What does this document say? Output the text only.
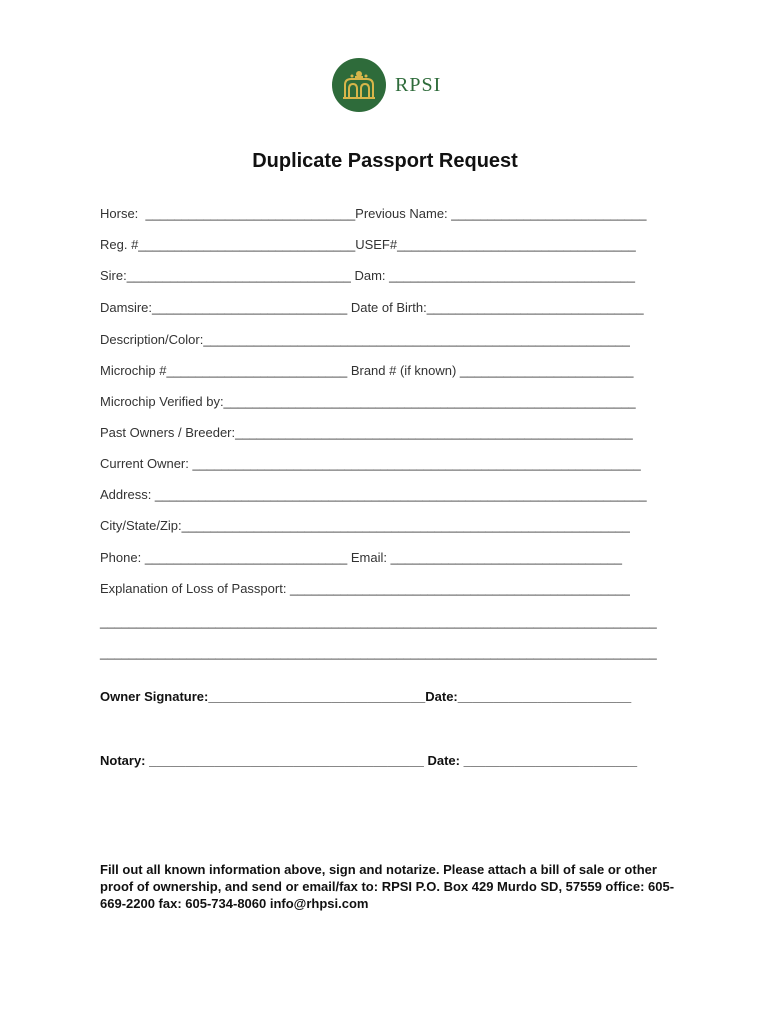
RPSI
Duplicate Passport Request
Horse:  _____________________________Previous Name: ___________________________
Reg. #______________________________USEF#_________________________________
Sire:_______________________________ Dam: __________________________________
Damsire:___________________________ Date of Birth:______________________________
Description/Color:___________________________________________________________
Microchip #_________________________ Brand # (if known) ________________________
Microchip Verified by:_________________________________________________________
Past Owners / Breeder:_______________________________________________________
Current Owner: ______________________________________________________________
Address: ____________________________________________________________________
City/State/Zip:______________________________________________________________
Phone: ____________________________ Email: ________________________________
Explanation of Loss of Passport: _______________________________________________
_____________________________________________________________________________
_____________________________________________________________________________
Owner Signature:______________________________Date:________________________
Notary: ______________________________________ Date: ________________________
Fill out all known information above, sign and notarize. Please attach a bill of sale or other proof of ownership, and send or email/fax to: RPSI P.O. Box 429 Murdo SD, 57559 office: 605-669-2200 fax: 605-734-8060 info@rhpsi.com
